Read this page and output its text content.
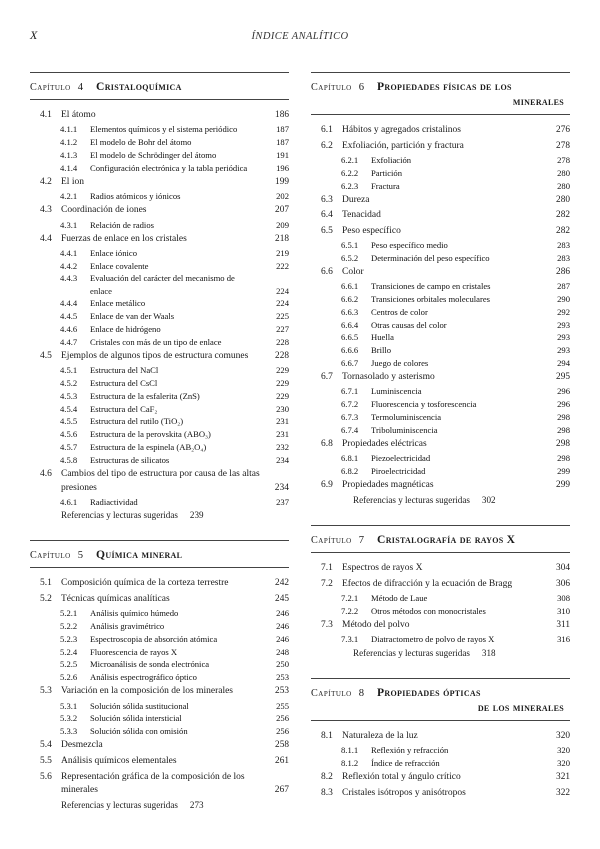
X	ÍNDICE ANALÍTICO
Capítulo 4 Cristaloquímica
4.1 El átomo	186
4.1.1	Elementos químicos y el sistema periódico	187
4.1.2	El modelo de Bohr del átomo	187
4.1.3	El modelo de Schrödinger del átomo	191
4.1.4	Configuración electrónica y la tabla periódica	196
4.2 El ion	199
4.2.1	Radios atómicos y iónicos	202
4.3 Coordinación de iones	207
4.3.1	Relación de radios	209
4.4 Fuerzas de enlace en los cristales	218
4.4.1	Enlace iónico	219
4.4.2	Enlace covalente	222
4.4.3	Evaluación del carácter del mecanismo de
enlace	224
4.4.4	Enlace metálico	224
4.4.5	Enlace de van der Waals	225
4.4.6	Enlace de hidrógeno	227
4.4.7	Cristales con más de un tipo de enlace	228
4.5 Ejemplos de algunos tipos de estructura comunes	228
4.5.1	Estructura del NaCl	229
4.5.2	Estructura del CsCl	229
4.5.3	Estructura de la esfalerita (ZnS)	229
4.5.4	Estructura del CaF₂	230
4.5.5	Estructura del rutilo (TiO₂)	231
4.5.6	Estructura de la perovskita (ABO₃)	231
4.5.7	Estructura de la espinela (AB₂O₄)	232
4.5.8	Estructuras de silicatos	234
4.6 Cambios del tipo de estructura por causa de las altas
presiones	234
4.6.1	Radiactividad	237
Referencias y lecturas sugeridas	239
Capítulo 5 Química mineral
5.1 Composición química de la corteza terrestre	242
5.2 Técnicas químicas analíticas	245
5.2.1	Análisis químico húmedo	246
5.2.2	Análisis gravimétrico	246
5.2.3	Espectroscopia de absorción atómica	246
5.2.4	Fluorescencia de rayos X	248
5.2.5	Microanálisis de sonda electrónica	250
5.2.6	Análisis espectrográfico óptico	253
5.3 Variación en la composición de los minerales	253
5.3.1	Solución sólida sustitucional	255
5.3.2	Solución sólida intersticial	256
5.3.3	Solución sólida con omisión	256
5.4 Desmezcla	258
5.5 Análisis químicos elementales	261
5.6 Representación gráfica de la composición de los
minerales	267
Referencias y lecturas sugeridas	273
Capítulo 6 Propiedades físicas de los
minerales
6.1 Hábitos y agregados cristalinos	276
6.2 Exfoliación, partición y fractura	278
6.2.1	Exfoliación	278
6.2.2	Partición	280
6.2.3	Fractura	280
6.3 Dureza	280
6.4 Tenacidad	282
6.5 Peso específico	282
6.5.1	Peso específico medio	283
6.5.2	Determinación del peso específico	283
6.6 Color	286
6.6.1	Transiciones de campo en cristales	287
6.6.2	Transiciones orbitales moleculares	290
6.6.3	Centros de color	292
6.6.4	Otras causas del color	293
6.6.5	Huella	293
6.6.6	Brillo	293
6.6.7	Juego de colores	294
6.7 Tornasolado y asterismo	295
6.7.1	Luminiscencia	296
6.7.2	Fluorescencia y tosforescencia	296
6.7.3	Termoluminiscencia	298
6.7.4	Triboluminiscencia	298
6.8 Propiedades eléctricas	298
6.8.1	Piezoelectricidad	298
6.8.2	Piroelectricidad	299
6.9 Propiedades magnéticas	299
Referencias y lecturas sugeridas	302
Capítulo 7 Cristalografía de rayos X
7.1 Espectros de rayos X	304
7.2 Efectos de difracción y la ecuación de Bragg	306
7.2.1	Método de Laue	308
7.2.2	Otros métodos con monocristales	310
7.3 Método del polvo	311
7.3.1	Diatractometro de polvo de rayos X	316
Referencias y lecturas sugeridas	318
Capítulo 8 Propiedades ópticas
de los minerales
8.1 Naturaleza de la luz	320
8.1.1	Reflexión y refracción	320
8.1.2	Índice de refracción	320
8.2 Reflexión total y ángulo crítico	321
8.3 Cristales isótropos y anisótropos	322
